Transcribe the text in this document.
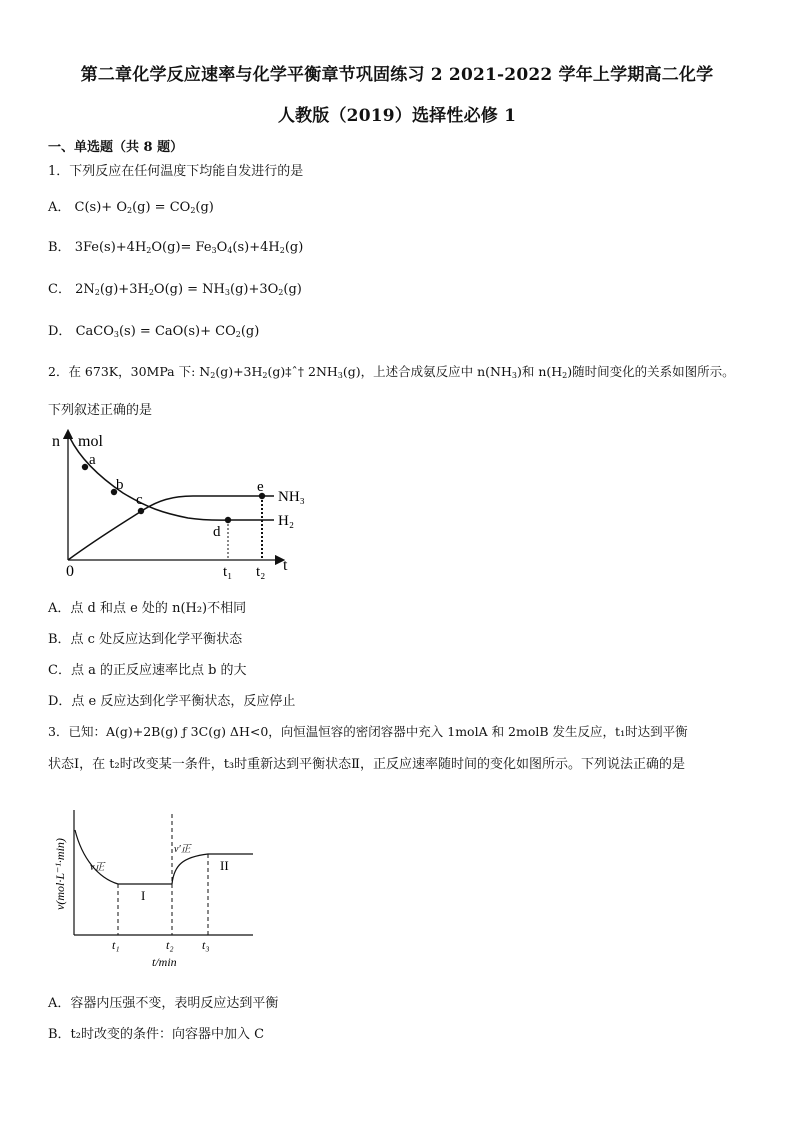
第二章化学反应速率与化学平衡章节巩固练习 2 2021-2022 学年上学期高二化学
人教版（2019）选择性必修 1
一、单选题（共 8 题）
1．下列反应在任何温度下均能自发进行的是
A． $C(s)+ O_2(g) = CO_2(g)$
B． $3Fe(s)+4H_2O(g)= Fe_3O_4(s)+4H_2(g)$
C． $2N_2(g)+3H_2O(g) = NH_3(g)+3O_2(g)$
D． CaCO$_3$(s) = $CaO(s)+ CO_2(g)$
2．在 673K，30MPa 下: $N_2(g)+3H_2(g)\ddagger ˆ\dagger$ $2NH_3(g)$，上述合成氨反应中 $n(NH_3)$和 $n(H_2)$随时间变化的关系如图所示。
下列叙述正确的是
n mol
t
0
a
b
c
d
e
NH₃
H₂
t₁ t₂
A．点 d 和点 e 处的 n(H₂)不相同
B．点 c 处反应达到化学平衡状态
C．点 a 的正反应速率比点 b 的大
D．点 e 反应达到化学平衡状态，反应停止
3．已知：A(g)+2B(g) ƒ 3C(g) ΔH<0，向恒温恒容的密闭容器中充入 1molA 和 2molB 发生反应，t₁时达到平衡
状态Ⅰ，在 t₂时改变某一条件，t₃时重新达到平衡状态Ⅱ，正反应速率随时间的变化如图所示。下列说法正确的是
v(mol·L⁻¹·min)
t/min
v正
v′正
I
II
t₁	t₂ t₃
A．容器内压强不变，表明反应达到平衡
B．t₂时改变的条件：向容器中加入 C
